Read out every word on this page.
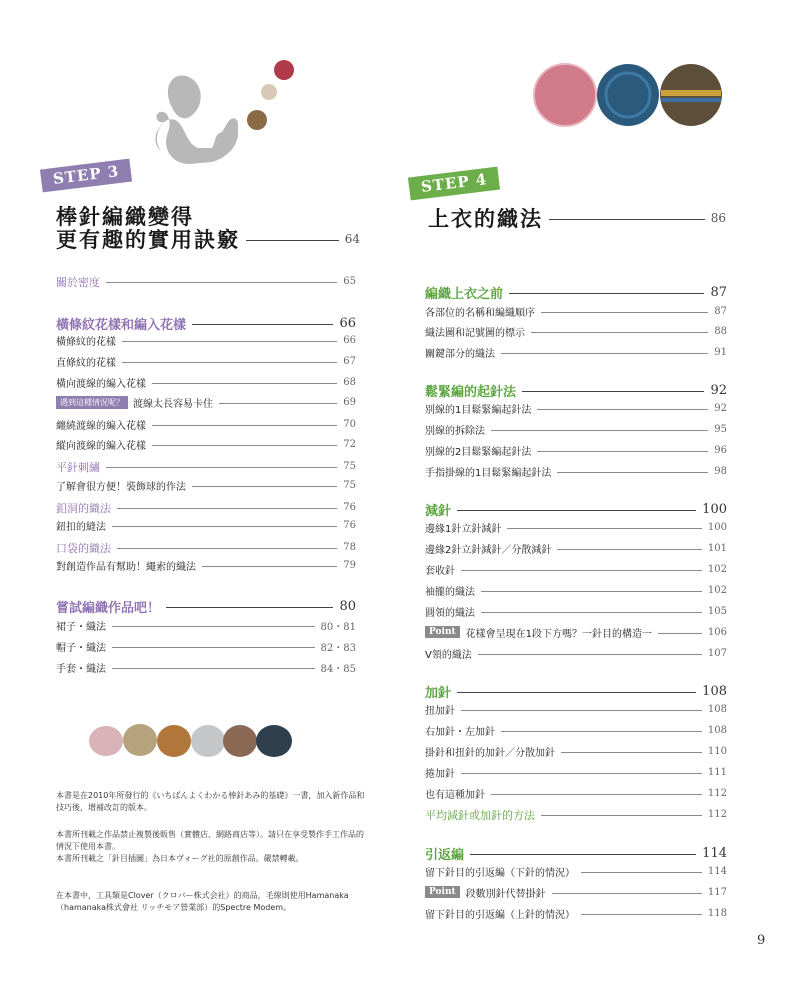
STEP 3
棒針編織變得
更有趣的實用訣竅	64
STEP 4
上衣的織法	86
關於密度	65
橫條紋花樣和編入花樣	66
橫條紋的花樣	66
直條紋的花樣	67
橫向渡線的編入花樣	68
遇到這種情況呢？ 渡線太長容易卡住	69
纏繞渡線的編入花樣	70
縱向渡線的編入花樣	72
平針刺繡	75
了解會很方便！裝飾球的作法	75
釦洞的織法	76
鈕扣的縫法	76
口袋的織法	78
對創造作品有幫助！繩索的織法	79
嘗試編織作品吧！	80
裙子・織法	80・81
帽子・織法	82・83
手套・織法	84・85
編織上衣之前	87
各部位的名稱和編織順序	87
織法圖和記號圖的標示	88
關鍵部分的織法	91
鬆緊編的起針法	92
別線的1目鬆緊編起針法	92
別線的拆除法	95
別線的2目鬆緊編起針法	96
手指掛線的1目鬆緊編起針法	98
減針	100
邊緣1針立針減針	100
邊緣2針立針減針／分散減針	101
套收針	102
袖攏的織法	102
圓領的織法	105
Point	花樣會呈現在1段下方嗎？一針目的構造一	106
V領的織法	107
加針	108
扭加針	108
右加針・左加針	108
掛針和扭針的加針／分散加針	110
捲加針	111
也有這種加針	112
平均減針或加針的方法	112
引返編	114
留下針目的引返編（下針的情況）	114
Point	段數別針代替掛針	117
留下針目的引返編（上針的情況）	118
本書是在2010年所發行的《いちばんよくわかる棒針あみ的基礎》一書，加入新作品和技巧後，增補改訂的版本。
本書所刊載之作品禁止複製後販售（實體店、網路商店等）。請只在享受製作手工作品的情況下使用本書。
本書所刊載之「針目插圖」為日本ヴォーグ社的原創作品。嚴禁轉載。
在本書中，工具類是Clover（クロバー株式会社）的商品，毛線則使用Hamanaka（hamanaka株式會社 リッチモア營業部）的Spectre Modem。
9
